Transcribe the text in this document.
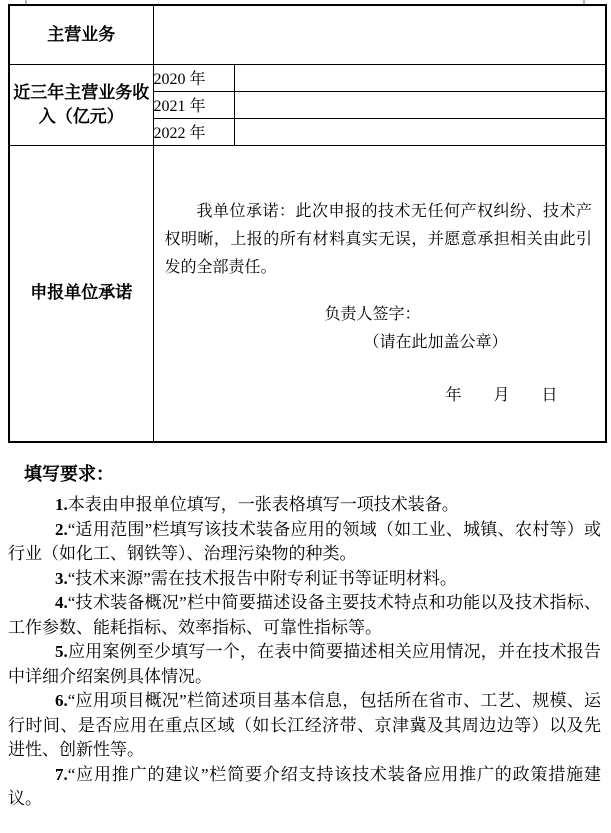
主营业务		
近三年主营业务收入（亿元）	2020 年	
	2021 年	
	2022 年	
申报单位承诺	我单位承诺：此次申报的技术无任何产权纠纷、技术产权明晰，上报的所有材料真实无误，并愿意承担相关由此引发的全部责任。
负责人签字：
（请在此加盖公章）
年　　月　　日	

填写要求：

1.本表由申报单位填写，一张表格填写一项技术装备。

2.“适用范围”栏填写该技术装备应用的领域（如工业、城镇、农村等）或行业（如化工、钢铁等）、治理污染物的种类。

3.“技术来源”需在技术报告中附专利证书等证明材料。

4.“技术装备概况”栏中简要描述设备主要技术特点和功能以及技术指标、工作参数、能耗指标、效率指标、可靠性指标等。

5.应用案例至少填写一个，在表中简要描述相关应用情况，并在技术报告中详细介绍案例具体情况。

6.“应用项目概况”栏简述项目基本信息，包括所在省市、工艺、规模、运行时间、是否应用在重点区域（如长江经济带、京津冀及其周边边等）以及先进性、创新性等。

7.“应用推广的建议”栏简要介绍支持该技术装备应用推广的政策措施建议。
